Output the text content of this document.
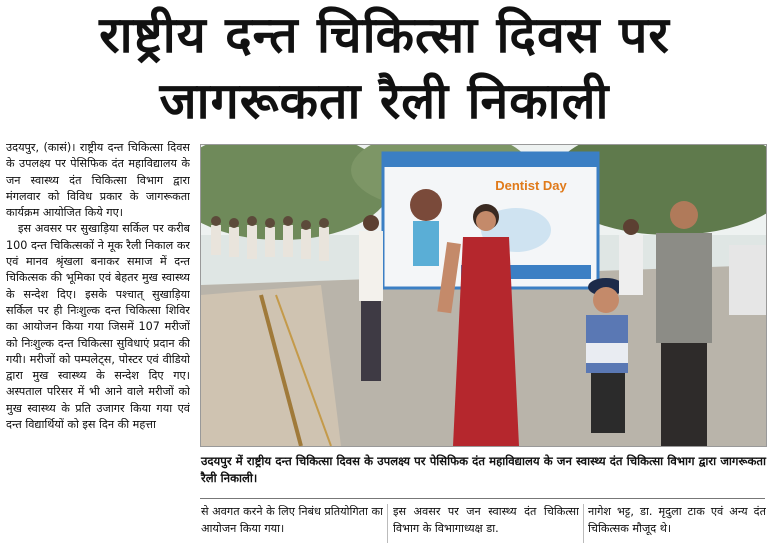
राष्ट्रीय दन्त चिकित्सा दिवस पर
जागरूकता रैली निकाली

उदयपुर, (कासं)। राष्ट्रीय दन्त चिकित्सा दिवस के उपलक्ष्य पर पेसिफिक दंत महाविद्यालय के जन स्वास्थ्य दंत चिकित्सा विभाग द्वारा मंगलवार को विविध प्रकार के जागरूकता कार्यक्रम आयोजित किये गए।

इस अवसर पर सुखाड़िया सर्किल पर करीब 100 दन्त चिकित्सकों ने मूक रैली निकाल कर एवं मानव श्रृंखला बनाकर समाज में दन्त चिकित्सक की भूमिका एवं बेहतर मुख स्वास्थ्य के सन्देश दिए। इसके पश्चात् सुखाड़िया सर्किल पर ही निःशुल्क दन्त चिकित्सा शिविर का आयोजन किया गया जिसमें 107 मरीजों को निःशुल्क दन्त चिकित्सा सुविधाएं प्रदान की गयी। मरीजों को पम्पलेट्स, पोस्टर एवं वीडियो द्वारा मुख स्वास्थ्य के सन्देश दिए गए। अस्पताल परिसर में भी आने वाले मरीजों को मुख स्वास्थ्य के प्रति उजागर किया गया एवं दन्त विद्यार्थियों को इस दिन की महत्ता

Dentist Day
उदयपुर में राष्ट्रीय दन्त चिकित्सा दिवस के उपलक्ष्य पर पेसिफिक दंत महाविद्यालय के जन स्वास्थ्य दंत चिकित्सा विभाग द्वारा जागरूकता रैली निकाली।
से अवगत करने के लिए निबंध प्रतियोगिता का आयोजन किया गया।
इस अवसर पर जन स्वास्थ्य दंत चिकित्सा विभाग के विभागाध्यक्ष डा.
नागेश भट्ट, डा. मृदुला टाक एवं अन्य दंत चिकित्सक मौजूद थे।
